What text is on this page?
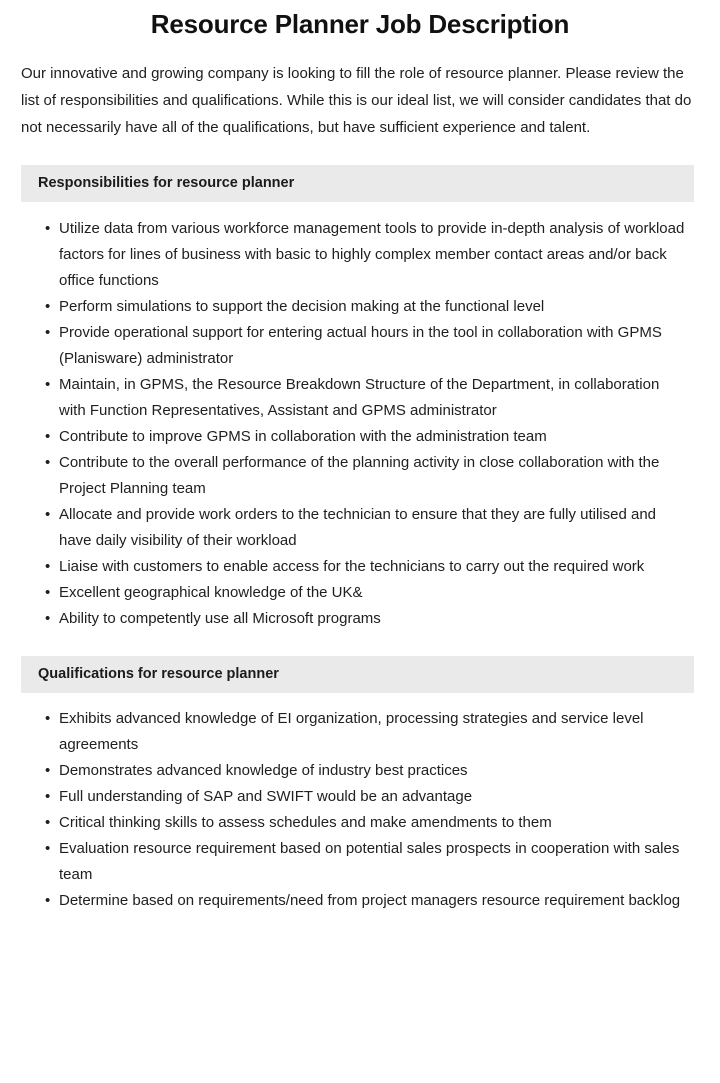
Resource Planner Job Description

Our innovative and growing company is looking to fill the role of resource planner. Please review the list of responsibilities and qualifications. While this is our ideal list, we will consider candidates that do not necessarily have all of the qualifications, but have sufficient experience and talent.

Responsibilities for resource planner
• Utilize data from various workforce management tools to provide in-depth analysis of workload factors for lines of business with basic to highly complex member contact areas and/or back office functions
• Perform simulations to support the decision making at the functional level
• Provide operational support for entering actual hours in the tool in collaboration with GPMS (Planisware) administrator
• Maintain, in GPMS, the Resource Breakdown Structure of the Department, in collaboration with Function Representatives, Assistant and GPMS administrator
• Contribute to improve GPMS in collaboration with the administration team
• Contribute to the overall performance of the planning activity in close collaboration with the Project Planning team
• Allocate and provide work orders to the technician to ensure that they are fully utilised and have daily visibility of their workload
• Liaise with customers to enable access for the technicians to carry out the required work
• Excellent geographical knowledge of the UK&
• Ability to competently use all Microsoft programs
Qualifications for resource planner
• Exhibits advanced knowledge of EI organization, processing strategies and service level agreements
• Demonstrates advanced knowledge of industry best practices
• Full understanding of SAP and SWIFT would be an advantage
• Critical thinking skills to assess schedules and make amendments to them
• Evaluation resource requirement based on potential sales prospects in cooperation with sales team
• Determine based on requirements/need from project managers resource requirement backlog
